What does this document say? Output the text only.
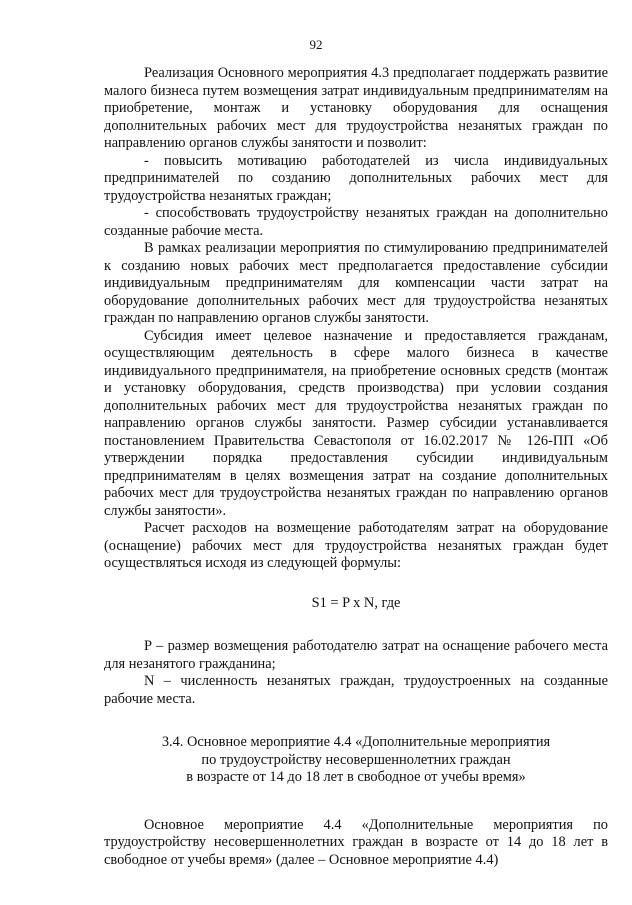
92

Реализация Основного мероприятия 4.3 предполагает поддержать развитие малого бизнеса путем возмещения затрат индивидуальным предпринимателям на приобретение, монтаж и установку оборудования для оснащения дополнительных рабочих мест для трудоустройства незанятых граждан по направлению органов службы занятости и позволит:

- повысить мотивацию работодателей из числа индивидуальных предпринимателей по созданию дополнительных рабочих мест для трудоустройства незанятых граждан;

- способствовать трудоустройству незанятых граждан на дополнительно созданные рабочие места.

В рамках реализации мероприятия по стимулированию предпринимателей к созданию новых рабочих мест предполагается предоставление субсидии индивидуальным предпринимателям для компенсации части затрат на оборудование дополнительных рабочих мест для трудоустройства незанятых граждан по направлению органов службы занятости.

Субсидия имеет целевое назначение и предоставляется гражданам, осуществляющим деятельность в сфере малого бизнеса в качестве индивидуального предпринимателя, на приобретение основных средств (монтаж и установку оборудования, средств производства) при условии создания дополнительных рабочих мест для трудоустройства незанятых граждан по направлению органов службы занятости. Размер субсидии устанавливается постановлением Правительства Севастополя от 16.02.2017 № 126-ПП «Об утверждении порядка предоставления субсидии индивидуальным предпринимателям в целях возмещения затрат на создание дополнительных рабочих мест для трудоустройства незанятых граждан по направлению органов службы занятости».

Расчет расходов на возмещение работодателям затрат на оборудование (оснащение) рабочих мест для трудоустройства незанятых граждан будет осуществляться исходя из следующей формулы:

S1 = P x N, где

P – размер возмещения работодателю затрат на оснащение рабочего места для незанятого гражданина;

N – численность незанятых граждан, трудоустроенных на созданные рабочие места.

3.4. Основное мероприятие 4.4 «Дополнительные мероприятия
по трудоустройству несовершеннолетних граждан
в возрасте от 14 до 18 лет в свободное от учебы время»

Основное мероприятие 4.4 «Дополнительные мероприятия по трудоустройству несовершеннолетних граждан в возрасте от 14 до 18 лет в свободное от учебы время» (далее – Основное мероприятие 4.4)
